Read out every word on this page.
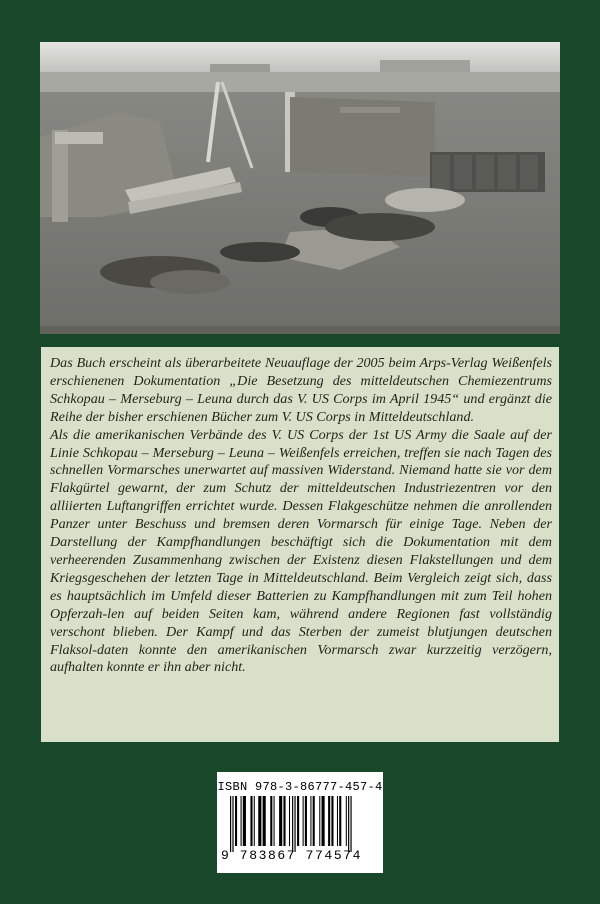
Das Buch erscheint als überarbeitete Neuauflage der 2005 beim Arps-Verlag Weißenfels erschienenen Dokumentation „Die Besetzung des mitteldeutschen Chemiezentrums Schkopau – Merseburg – Leuna durch das V. US Corps im April 1945“ und ergänzt die Reihe der bisher erschienen Bücher zum V. US Corps in Mitteldeutschland.

Als die amerikanischen Verbände des V. US Corps der 1st US Army die Saale auf der Linie Schkopau – Merseburg – Leuna – Weißenfels erreichen, treffen sie nach Tagen des schnellen Vormarsches unerwartet auf massiven Widerstand. Niemand hatte sie vor dem Flakgürtel gewarnt, der zum Schutz der mitteldeutschen Industriezentren vor den alliierten Luftangriffen errichtet wurde. Dessen Flakgeschütze nehmen die anrollenden Panzer unter Beschuss und bremsen deren Vormarsch für einige Tage. Neben der Darstellung der Kampfhandlungen beschäftigt sich die Dokumentation mit dem verheerenden Zusammenhang zwischen der Existenz diesen Flakstellungen und dem Kriegsgeschehen der letzten Tage in Mitteldeutschland. Beim Vergleich zeigt sich, dass es hauptsächlich im Umfeld dieser Batterien zu Kampfhandlungen mit zum Teil hohen Opferzah-len auf beiden Seiten kam, während andere Regionen fast vollständig verschont blieben. Der Kampf und das Sterben der zumeist blutjungen deutschen Flaksol-daten konnte den amerikanischen Vormarsch zwar kurzzeitig verzögern, aufhalten konnte er ihn aber nicht.

ISBN 978-3-86777-457-4
9 783867 774574
